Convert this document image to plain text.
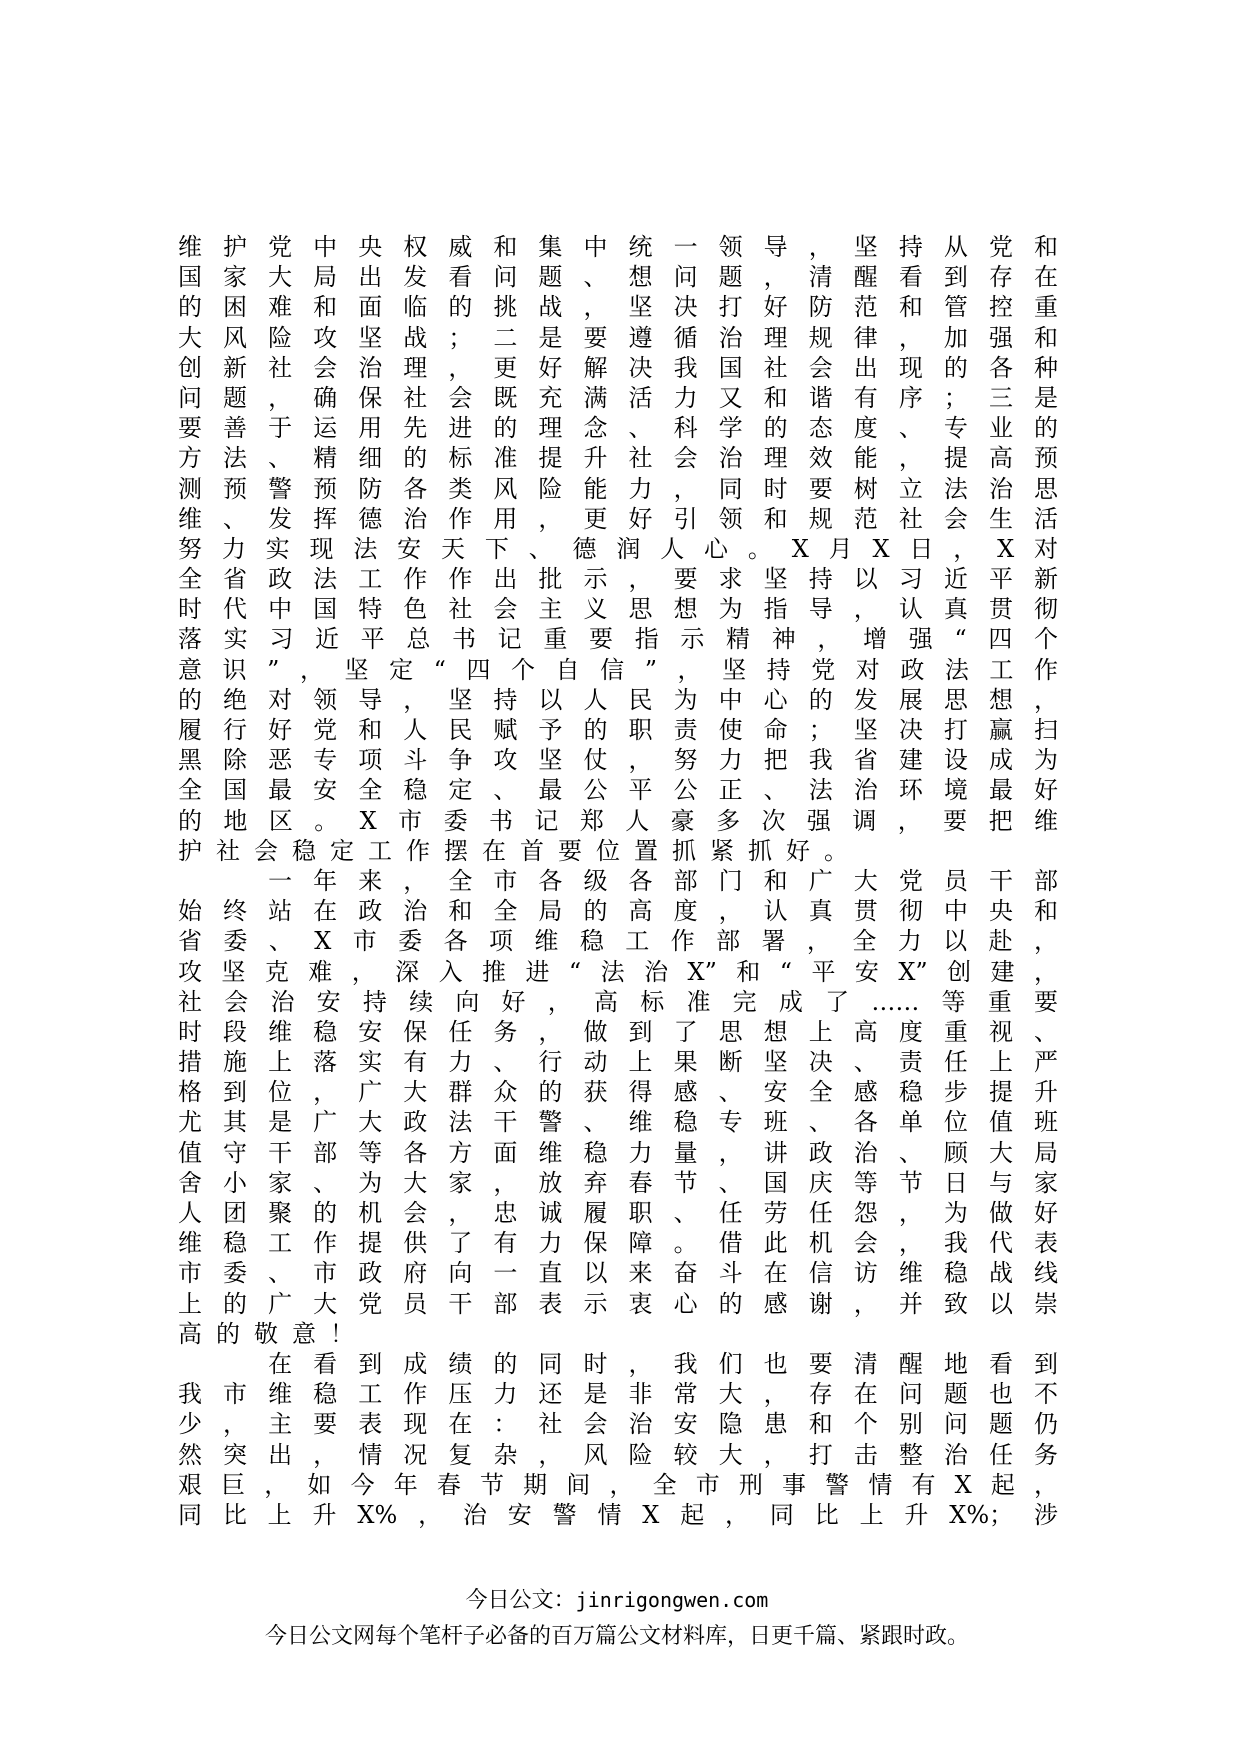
维护党中央权威和集中统一领导，坚持从党和
国家大局出发看问题、想问题，清醒看到存在
的困难和面临的挑战，坚决打好防范和管控重
大风险攻坚战；二是要遵循治理规律，加强和
创新社会治理，更好解决我国社会出现的各种
问题，确保社会既充满活力又和谐有序；三是
要善于运用先进的理念、科学的态度、专业的
方法、精细的标准提升社会治理效能，提高预
测预警预防各类风险能力，同时要树立法治思
维、发挥德治作用，更好引领和规范社会生活
努力实现法安天下、德润人心。X月X日，X对
全省政法工作作出批示，要求坚持以习近平新
时代中国特色社会主义思想为指导，认真贯彻
落实习近平总书记重要指示精神，增强“四个
意识”，坚定“四个自信”，坚持党对政法工作
的绝对领导，坚持以人民为中心的发展思想，
履行好党和人民赋予的职责使命；坚决打赢扫
黑除恶专项斗争攻坚仗，努力把我省建设成为
全国最安全稳定、最公平公正、法治环境最好
的地区。X市委书记郑人豪多次强调，要把维
护社会稳定工作摆在首要位置抓紧抓好。
　　一年来，全市各级各部门和广大党员干部
始终站在政治和全局的高度，认真贯彻中央和
省委、X市委各项维稳工作部署，全力以赴，
攻坚克难，深入推进“法治X”和“平安X”创建，
社会治安持续向好，高标准完成了……等重要
时段维稳安保任务，做到了思想上高度重视、
措施上落实有力、行动上果断坚决、责任上严
格到位，广大群众的获得感、安全感稳步提升
尤其是广大政法干警、维稳专班、各单位值班
值守干部等各方面维稳力量，讲政治、顾大局
舍小家、为大家，放弃春节、国庆等节日与家
人团聚的机会，忠诚履职、任劳任怨，为做好
维稳工作提供了有力保障。借此机会，我代表
市委、市政府向一直以来奋斗在信访维稳战线
上的广大党员干部表示衷心的感谢，并致以崇
高的敬意！
　　在看到成绩的同时，我们也要清醒地看到
我市维稳工作压力还是非常大，存在问题也不
少，主要表现在：社会治安隐患和个别问题仍
然突出，情况复杂，风险较大，打击整治任务
艰巨，如今年春节期间，全市刑事警情有X起，
同比上升X%，治安警情X起，同比上升X%；涉
今日公文：jinrigongwen.com
今日公文网每个笔杆子必备的百万篇公文材料库，日更千篇、紧跟时政。
